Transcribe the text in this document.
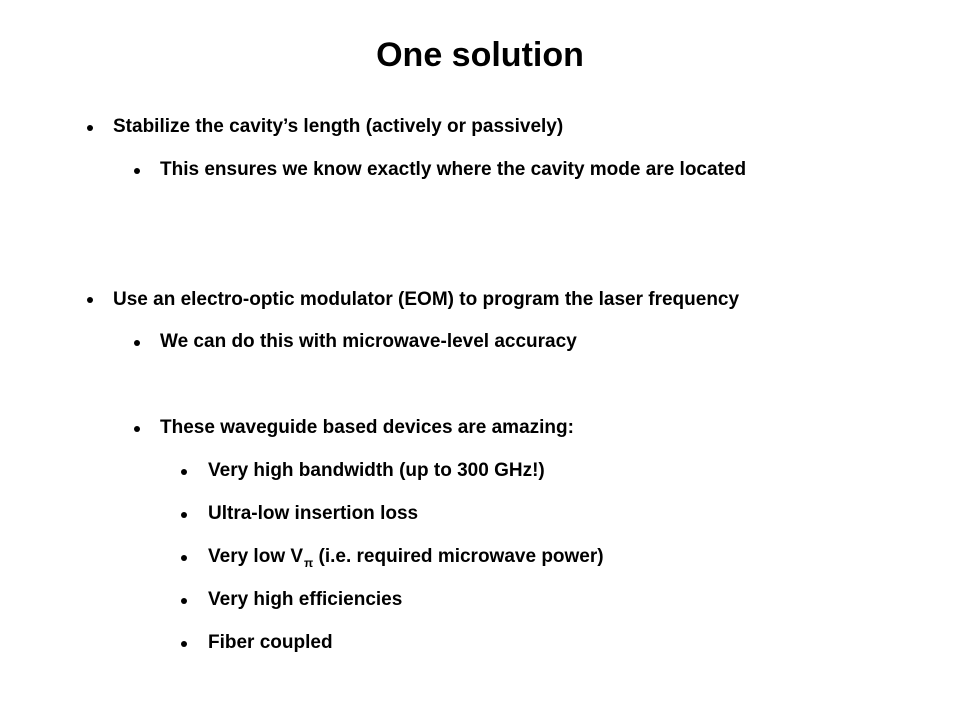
One solution
Stabilize the cavity’s length (actively or passively)
This ensures we know exactly where the cavity mode are located
Use an electro-optic modulator (EOM) to program the laser frequency
We can do this with microwave-level accuracy
These waveguide based devices are amazing:
Very high bandwidth (up to 300 GHz!)
Ultra-low insertion loss
Very low $V_\pi$ (i.e. required microwave power)
Very high efficiencies
Fiber coupled
